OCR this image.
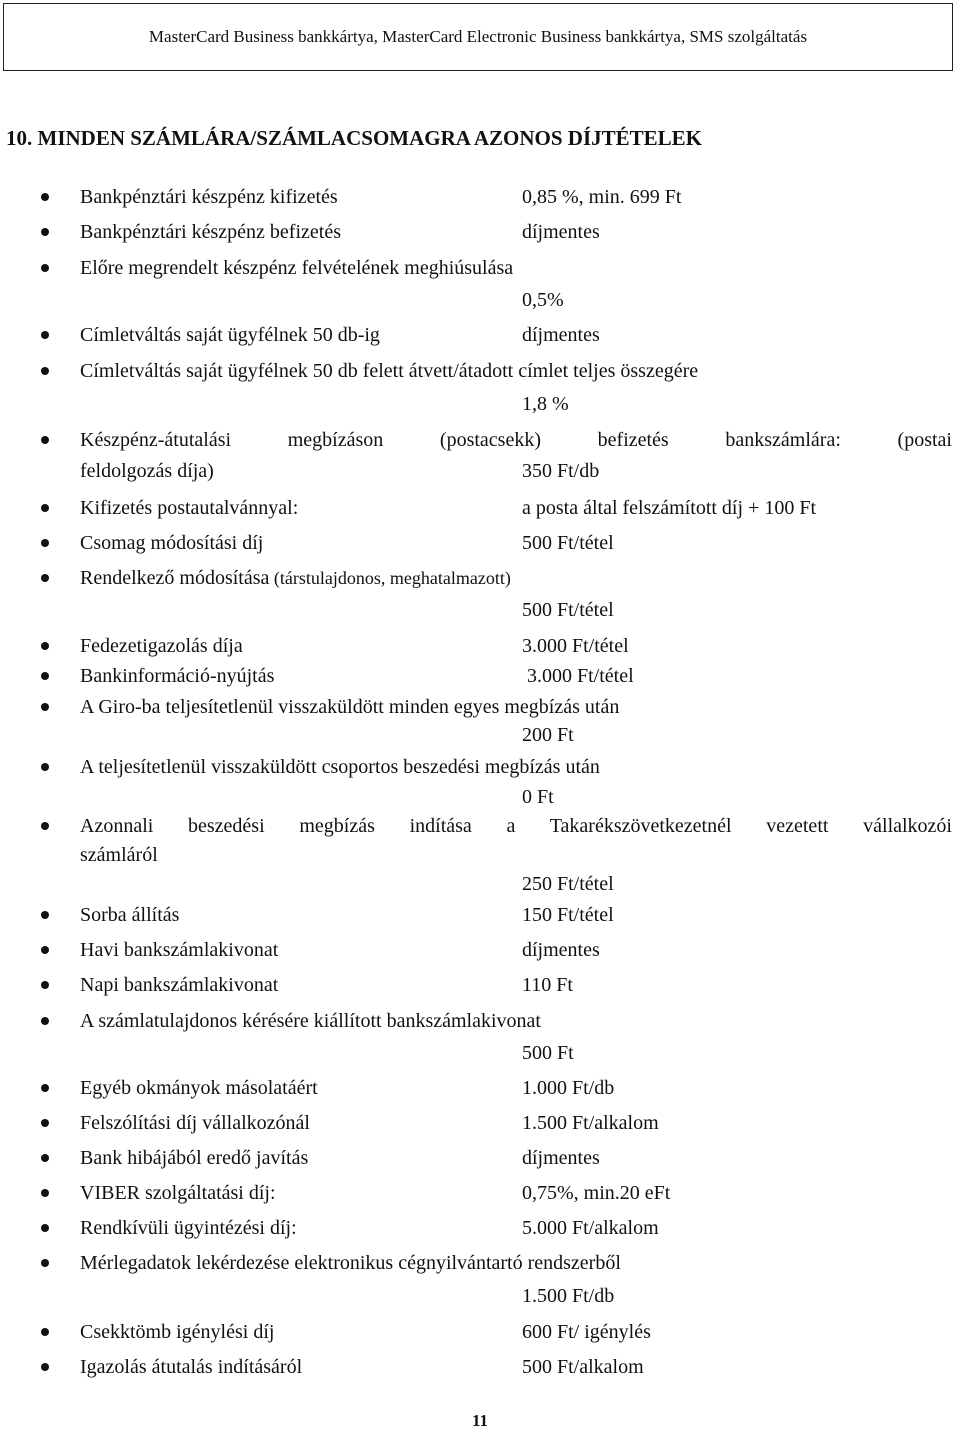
MasterCard Business bankkártya, MasterCard Electronic Business bankkártya, SMS szolgáltatás
10. MINDEN SZÁMLÁRA/SZÁMLACSOMAGRA AZONOS DÍJTÉTELEK
Bankpénztári készpénz kifizetés	0,85 %, min. 699 Ft
Bankpénztári készpénz befizetés	díjmentes
Előre megrendelt készpénz felvételének meghiúsulása
0,5%
Címletváltás saját ügyfélnek 50 db-ig	díjmentes
Címletváltás saját ügyfélnek 50 db felett átvett/átadott címlet teljes összegére
1,8 %
Készpénz-átutalási megbízáson (postacsekk) befizetés bankszámlára: (postai
feldolgozás díja)	350 Ft/db
Kifizetés postautalvánnyal:	a posta által felszámított díj + 100 Ft
Csomag módosítási díj	500 Ft/tétel
Rendelkező módosítása (társtulajdonos, meghatalmazott)
500 Ft/tétel
Fedezetigazolás díja	3.000 Ft/tétel
Bankinformáció-nyújtás	3.000 Ft/tétel
A Giro-ba teljesítetlenül visszaküldött minden egyes megbízás után
200 Ft
A teljesítetlenül visszaküldött csoportos beszedési megbízás után
0 Ft
Azonnali beszedési megbízás indítása a Takarékszövetkezetnél vezetett vállalkozói
számláról
250 Ft/tétel
Sorba állítás	150 Ft/tétel
Havi bankszámlakivonat	díjmentes
Napi bankszámlakivonat	110 Ft
A számlatulajdonos kérésére kiállított bankszámlakivonat
500 Ft
Egyéb okmányok másolatáért	1.000 Ft/db
Felszólítási díj vállalkozónál	1.500 Ft/alkalom
Bank hibájából eredő javítás	díjmentes
VIBER szolgáltatási díj:	0,75%, min.20 eFt
Rendkívüli ügyintézési díj:	5.000 Ft/alkalom
Mérlegadatok lekérdezése elektronikus cégnyilvántartó rendszerből
1.500 Ft/db
Csekktömb igénylési díj	600 Ft/ igénylés
Igazolás átutalás indításáról	500 Ft/alkalom
11
